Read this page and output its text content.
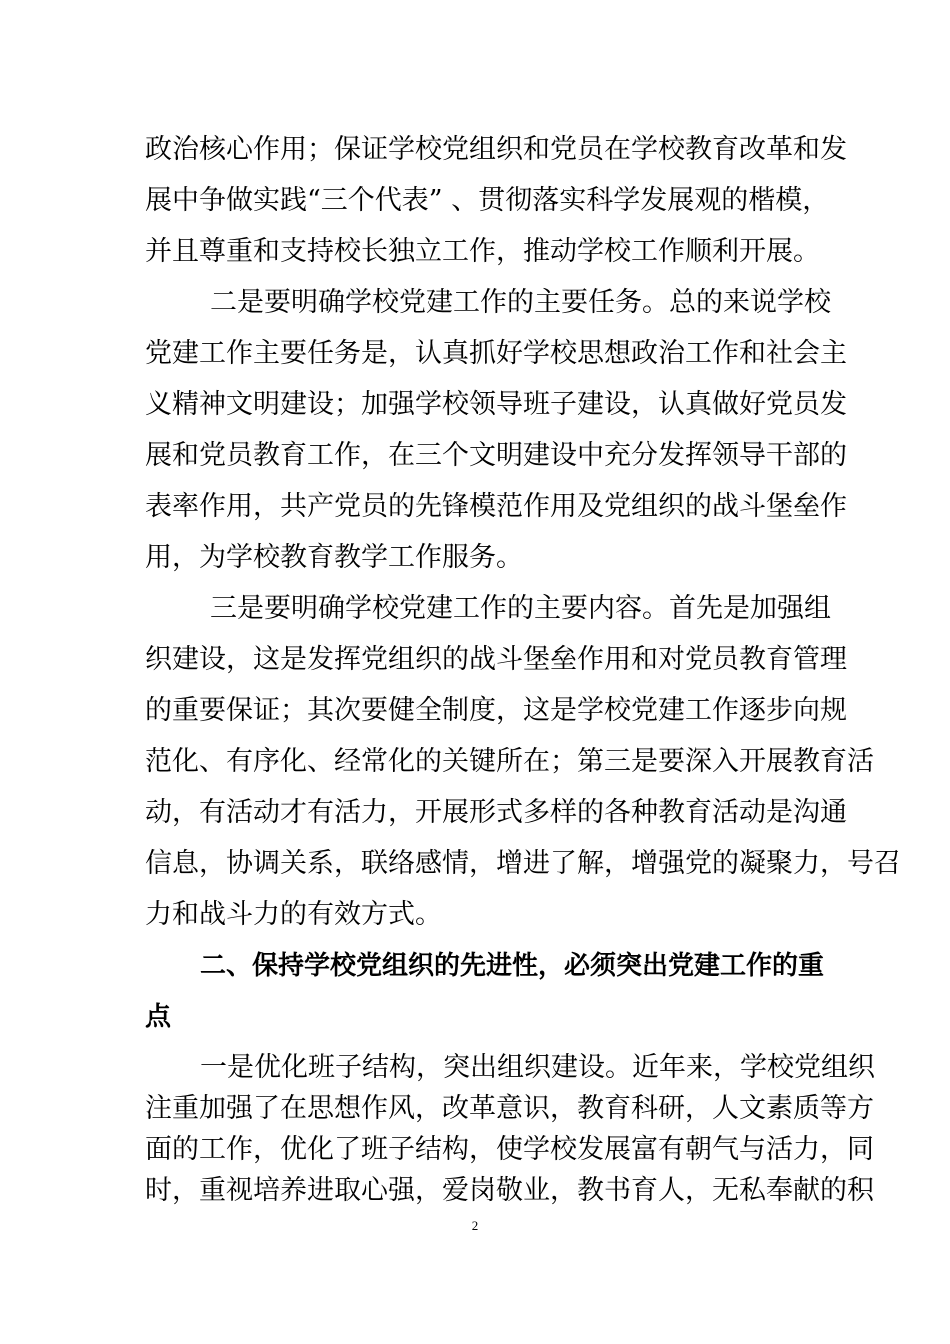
政治核心作用；保证学校党组织和党员在学校教育改革和发
展中争做实践“三个代表” 、贯彻落实科学发展观的楷模，
并且尊重和支持校长独立工作，推动学校工作顺利开展。
二是要明确学校党建工作的主要任务。总的来说学校
党建工作主要任务是，认真抓好学校思想政治工作和社会主
义精神文明建设；加强学校领导班子建设，认真做好党员发
展和党员教育工作，在三个文明建设中充分发挥领导干部的
表率作用，共产党员的先锋模范作用及党组织的战斗堡垒作
用，为学校教育教学工作服务。
三是要明确学校党建工作的主要内容。首先是加强组
织建设，这是发挥党组织的战斗堡垒作用和对党员教育管理
的重要保证；其次要健全制度，这是学校党建工作逐步向规
范化、有序化、经常化的关键所在；第三是要深入开展教育活
动，有活动才有活力，开展形式多样的各种教育活动是沟通
信息，协调关系，联络感情，增进了解，增强党的凝聚力，号召
力和战斗力的有效方式。
二、保持学校党组织的先进性，必须突出党建工作的重
点
一是优化班子结构，突出组织建设。近年来，学校党组织
注重加强了在思想作风，改革意识，教育科研，人文素质等方
面的工作，优化了班子结构，使学校发展富有朝气与活力，同
2
时，重视培养进取心强，爱岗敬业，教书育人，无私奉献的积
